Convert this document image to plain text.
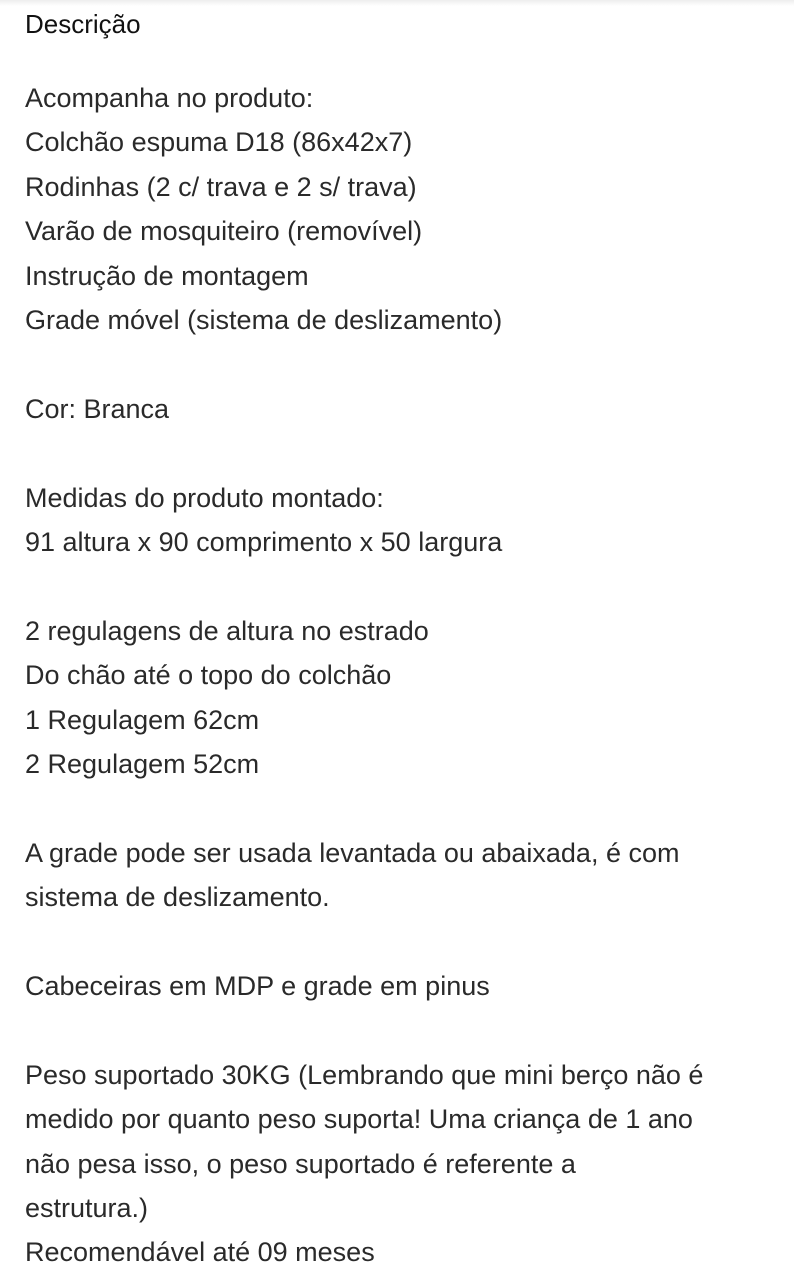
Descrição
Acompanha no produto:
Colchão espuma D18 (86x42x7)
Rodinhas (2 c/ trava e 2 s/ trava)
Varão de mosquiteiro (removível)
Instrução de montagem
Grade móvel (sistema de deslizamento)
Cor: Branca
Medidas do produto montado:
91 altura x 90 comprimento x 50 largura
2 regulagens de altura no estrado
Do chão até o topo do colchão
1 Regulagem 62cm
2 Regulagem 52cm
A grade pode ser usada levantada ou abaixada, é com
sistema de deslizamento.
Cabeceiras em MDP e grade em pinus
Peso suportado 30KG (Lembrando que mini berço não é
medido por quanto peso suporta! Uma criança de 1 ano
não pesa isso, o peso suportado é referente a
estrutura.)
Recomendável até 09 meses
